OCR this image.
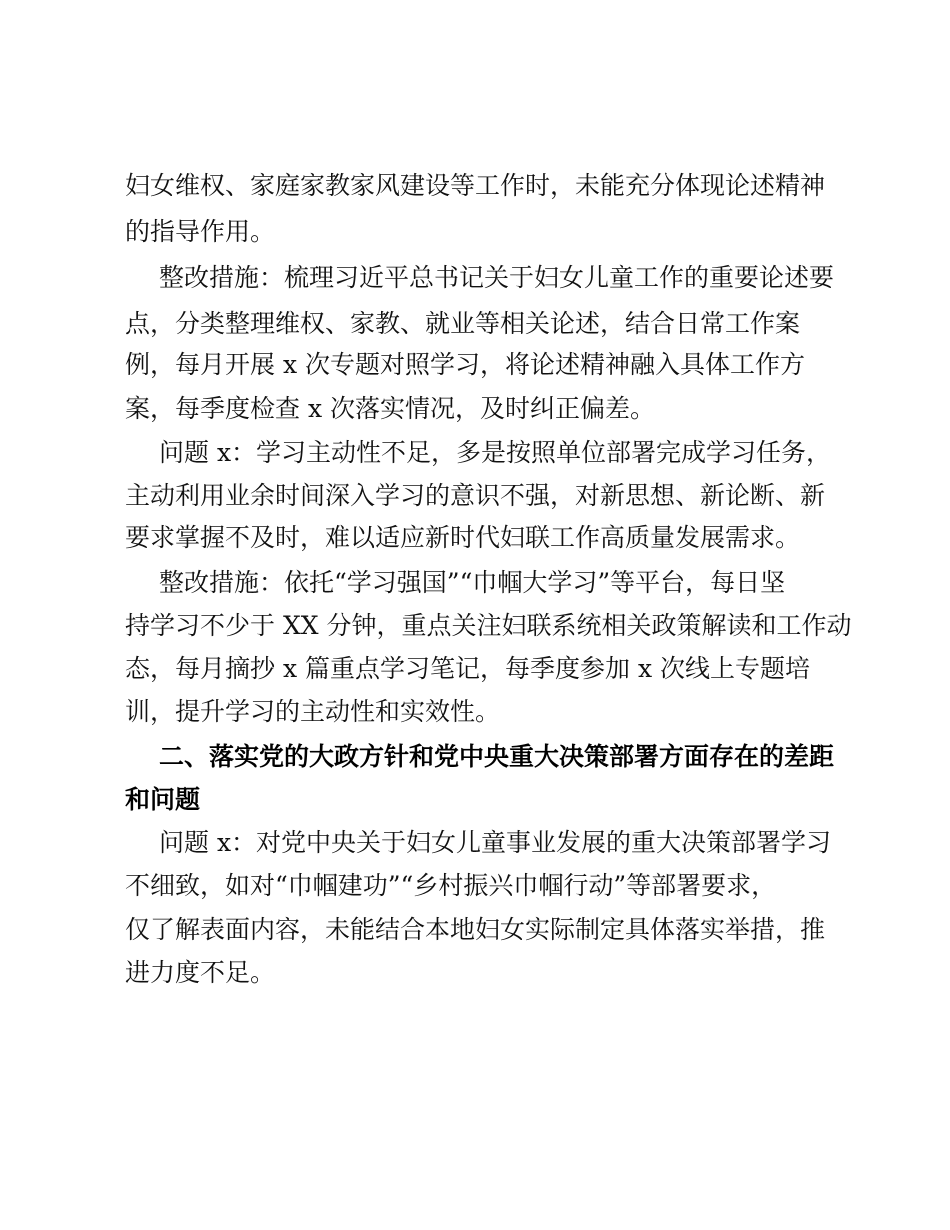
妇女维权、家庭家教家风建设等工作时，未能充分体现论述精神
的指导作用。
整改措施：梳理习近平总书记关于妇女儿童工作的重要论述要
点，分类整理维权、家教、就业等相关论述，结合日常工作案
例，每月开展 x 次专题对照学习，将论述精神融入具体工作方
案，每季度检查 x 次落实情况，及时纠正偏差。
问题 x：学习主动性不足，多是按照单位部署完成学习任务，
主动利用业余时间深入学习的意识不强，对新思想、新论断、新
要求掌握不及时，难以适应新时代妇联工作高质量发展需求。
整改措施：依托“学习强国”“巾帼大学习”等平台，每日坚
持学习不少于 XX 分钟，重点关注妇联系统相关政策解读和工作动
态，每月摘抄 x 篇重点学习笔记，每季度参加 x 次线上专题培
训，提升学习的主动性和实效性。
二、落实党的大政方针和党中央重大决策部署方面存在的差距
和问题
问题 x：对党中央关于妇女儿童事业发展的重大决策部署学习
不细致，如对“巾帼建功”“乡村振兴巾帼行动”等部署要求，
仅了解表面内容，未能结合本地妇女实际制定具体落实举措，推
进力度不足。
